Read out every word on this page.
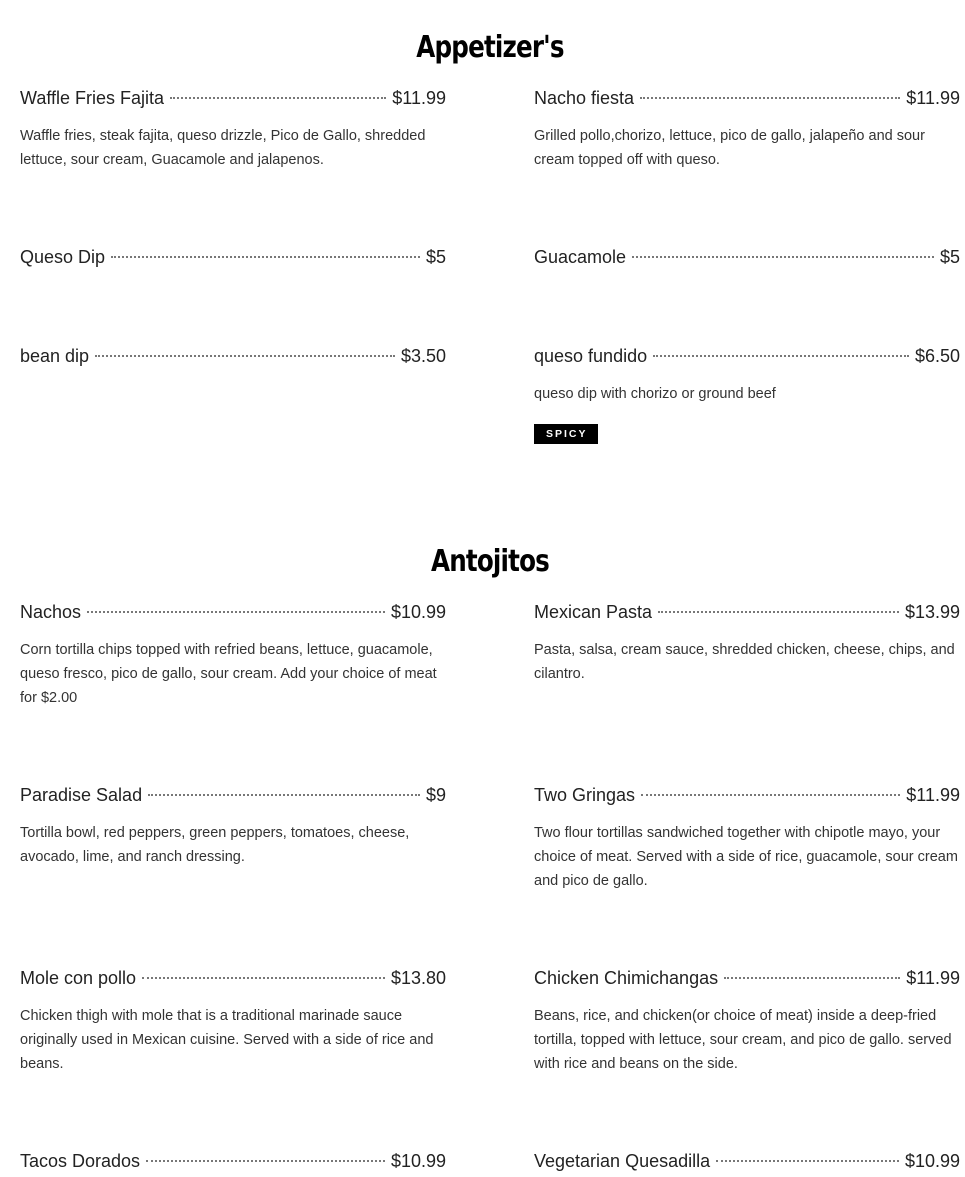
Appetizer's
Waffle Fries Fajita	$11.99
Waffle fries, steak fajita, queso drizzle, Pico de Gallo, shredded lettuce, sour cream, Guacamole and jalapenos.
Nacho fiesta	$11.99
Grilled pollo,chorizo, lettuce, pico de gallo, jalapeño and sour cream topped off with queso.
Queso Dip	$5	Guacamole	$5
bean dip	$3.50	queso fundido	$6.50
queso dip with chorizo or ground beef
SPICY
Antojitos
Nachos	$10.99
Corn tortilla chips topped with refried beans, lettuce, guacamole, queso fresco, pico de gallo, sour cream. Add your choice of meat for $2.00
Mexican Pasta	$13.99
Pasta, salsa, cream sauce, shredded chicken, cheese, chips, and cilantro.
Paradise Salad	$9
Tortilla bowl, red peppers, green peppers, tomatoes, cheese, avocado, lime, and ranch dressing.
Two Gringas	$11.99
Two flour tortillas sandwiched together with chipotle mayo, your choice of meat. Served with a side of rice, guacamole, sour cream and pico de gallo.
Mole con pollo	$13.80
Chicken thigh with mole that is a traditional marinade sauce originally used in Mexican cuisine. Served with a side of rice and beans.
Chicken Chimichangas	$11.99
Beans, rice, and chicken(or choice of meat) inside a deep-fried tortilla, topped with lettuce, sour cream, and pico de gallo. served with rice and beans on the side.
Tacos Dorados	$10.99	Vegetarian Quesadilla	$10.99
